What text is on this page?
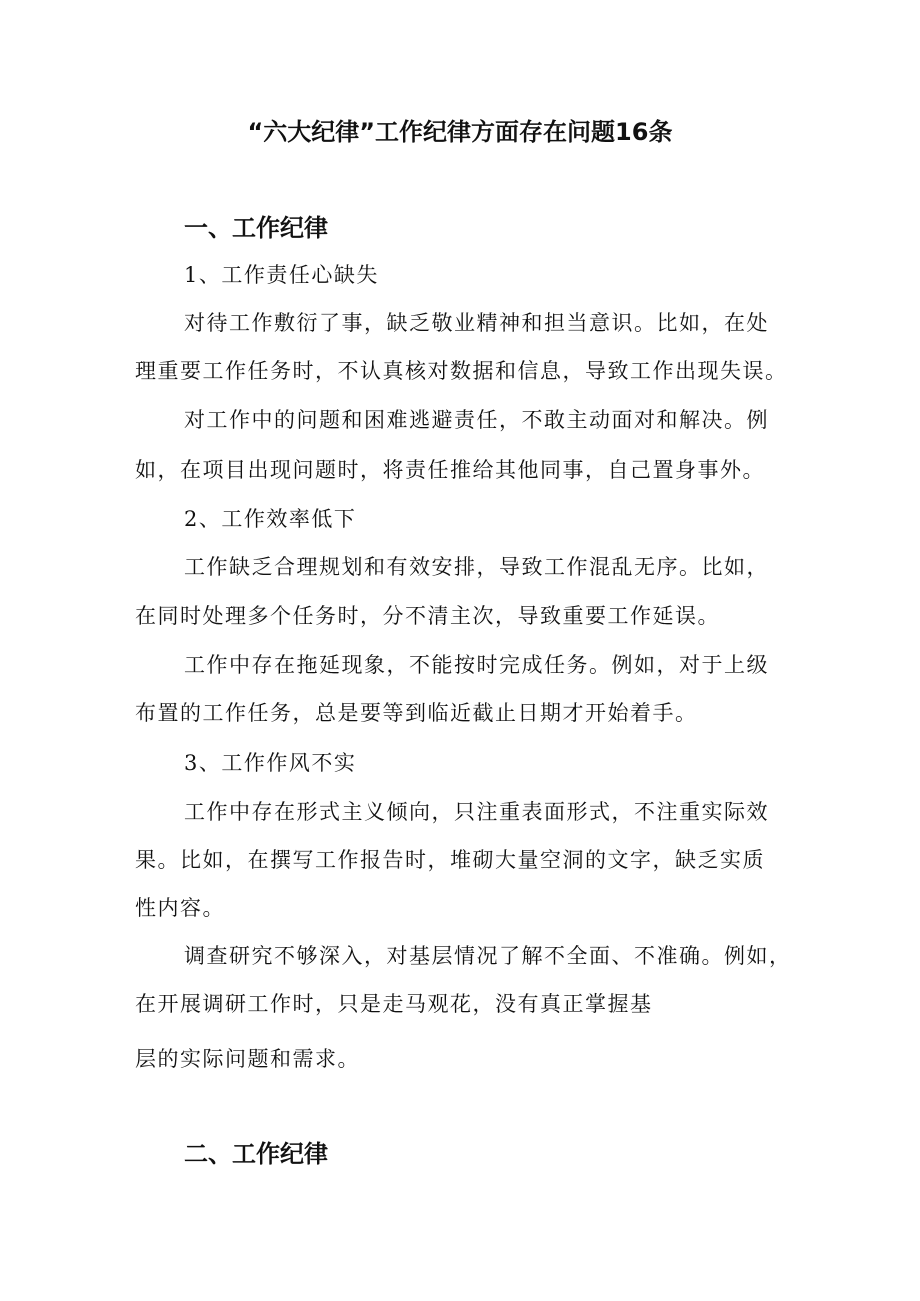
“六大纪律”工作纪律方面存在问题16条
一、工作纪律

1、工作责任心缺失

对待工作敷衍了事，缺乏敬业精神和担当意识。比如，在处

理重要工作任务时，不认真核对数据和信息，导致工作出现失误。

对工作中的问题和困难逃避责任，不敢主动面对和解决。例

如，在项目出现问题时，将责任推给其他同事，自己置身事外。

2、工作效率低下

工作缺乏合理规划和有效安排，导致工作混乱无序。比如，

在同时处理多个任务时，分不清主次，导致重要工作延误。

工作中存在拖延现象，不能按时完成任务。例如，对于上级

布置的工作任务，总是要等到临近截止日期才开始着手。

3、工作作风不实

工作中存在形式主义倾向，只注重表面形式，不注重实际效

果。比如，在撰写工作报告时，堆砌大量空洞的文字，缺乏实质

性内容。

调查研究不够深入，对基层情况了解不全面、不准确。例如，

在开展调研工作时，只是走马观花，没有真正掌握基

层的实际问题和需求。

二、工作纪律
